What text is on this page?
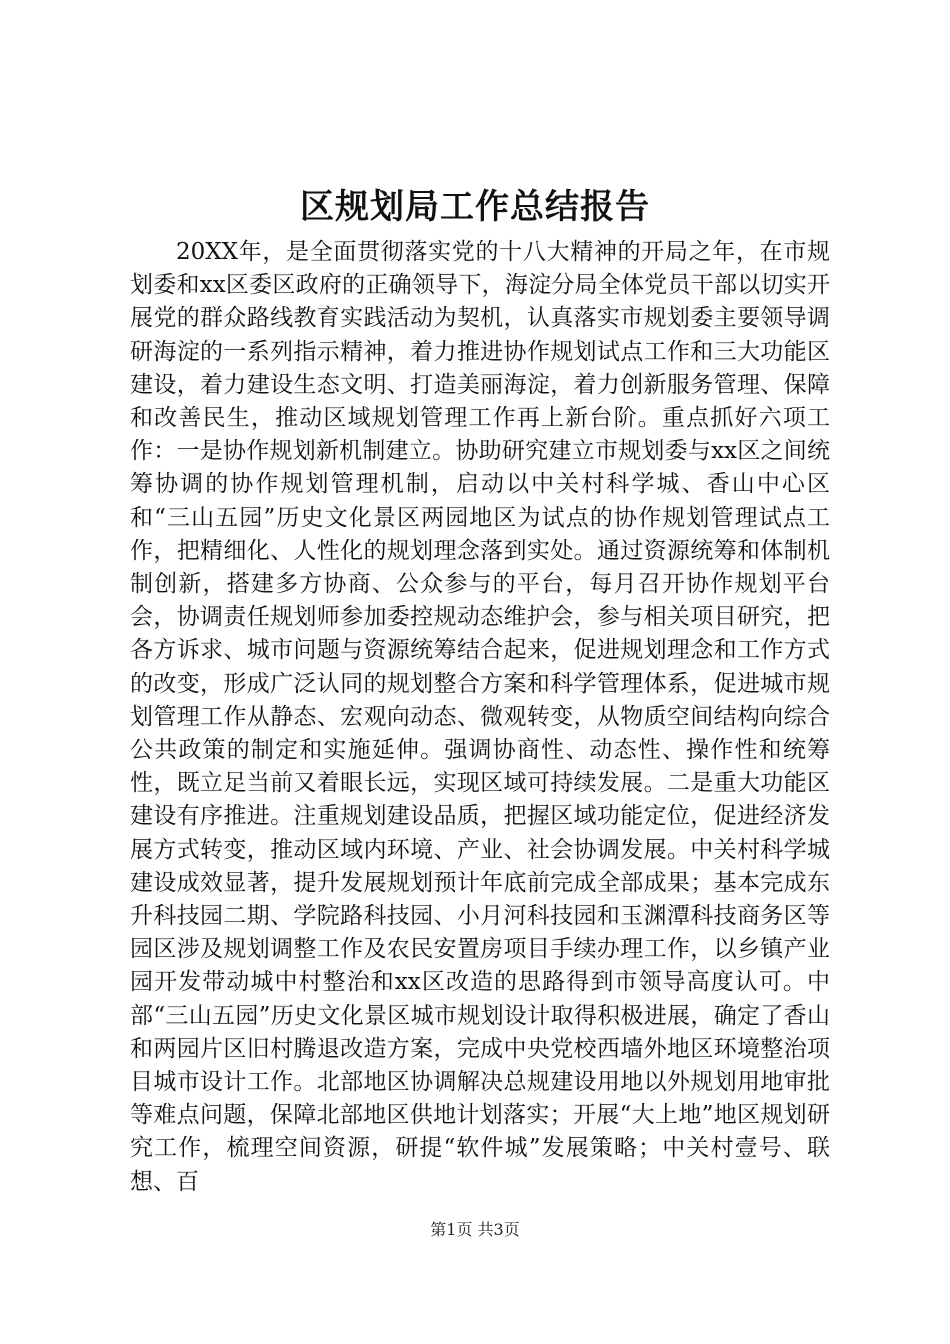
区规划局工作总结报告

20XX年，是全面贯彻落实党的十八大精神的开局之年，在市规划委和xx区委区政府的正确领导下，海淀分局全体党员干部以切实开展党的群众路线教育实践活动为契机，认真落实市规划委主要领导调研海淀的一系列指示精神，着力推进协作规划试点工作和三大功能区建设，着力建设生态文明、打造美丽海淀，着力创新服务管理、保障和改善民生，推动区域规划管理工作再上新台阶。重点抓好六项工作：一是协作规划新机制建立。协助研究建立市规划委与xx区之间统筹协调的协作规划管理机制，启动以中关村科学城、香山中心区和“三山五园”历史文化景区两园地区为试点的协作规划管理试点工作，把精细化、人性化的规划理念落到实处。通过资源统筹和体制机制创新，搭建多方协商、公众参与的平台，每月召开协作规划平台会，协调责任规划师参加委控规动态维护会，参与相关项目研究，把各方诉求、城市问题与资源统筹结合起来，促进规划理念和工作方式的改变，形成广泛认同的规划整合方案和科学管理体系，促进城市规划管理工作从静态、宏观向动态、微观转变，从物质空间结构向综合公共政策的制定和实施延伸。强调协商性、动态性、操作性和统筹性，既立足当前又着眼长远，实现区域可持续发展。二是重大功能区建设有序推进。注重规划建设品质，把握区域功能定位，促进经济发展方式转变，推动区域内环境、产业、社会协调发展。中关村科学城建设成效显著，提升发展规划预计年底前完成全部成果；基本完成东升科技园二期、学院路科技园、小月河科技园和玉渊潭科技商务区等园区涉及规划调整工作及农民安置房项目手续办理工作，以乡镇产业园开发带动城中村整治和xx区改造的思路得到市领导高度认可。中部“三山五园”历史文化景区城市规划设计取得积极进展，确定了香山和两园片区旧村腾退改造方案，完成中央党校西墙外地区环境整治项目城市设计工作。北部地区协调解决总规建设用地以外规划用地审批等难点问题，保障北部地区供地计划落实；开展“大上地”地区规划研究工作，梳理空间资源，研提“软件城”发展策略；中关村壹号、联想、百

第1页 共3页
